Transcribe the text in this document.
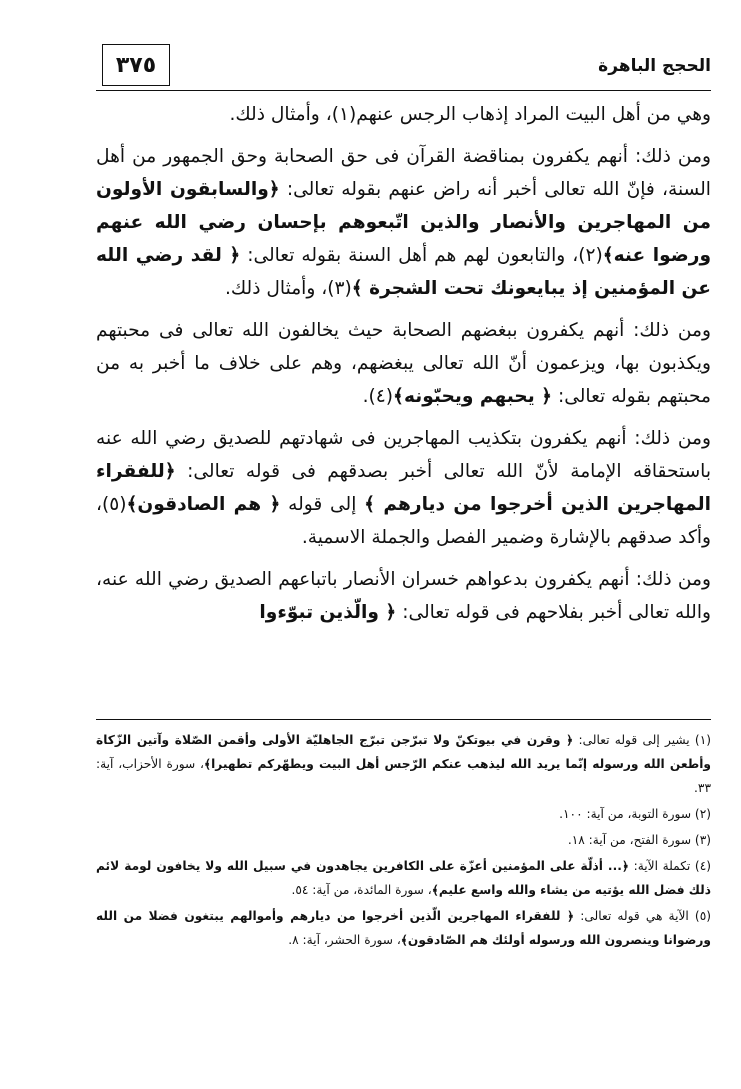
٣٧٥	الحجج الباهرة

وهي من أهل البيت المراد إذهاب الرجس عنهم(١)، وأمثال ذلك.

ومن ذلك: أنهم يكفرون بمناقضة القرآن فى حق الصحابة وحق الجمهور من أهل السنة، فإنّ الله تعالى أخبر أنه راض عنهم بقوله تعالى: ﴿والسابقون الأولون من المهاجرين والأنصار والذين اتّبعوهم بإحسان رضي الله عنهم ورضوا عنه﴾(٢)، والتابعون لهم هم أهل السنة بقوله تعالى: ﴿ لقد رضي الله عن المؤمنين إذ يبايعونك تحت الشجرة ﴾(٣)، وأمثال ذلك.

ومن ذلك: أنهم يكفرون ببغضهم الصحابة حيث يخالفون الله تعالى فى محبتهم ويكذبون بها، ويزعمون أنّ الله تعالى يبغضهم، وهم على خلاف ما أخبر به من محبتهم بقوله تعالى: ﴿ يحبهم ويحبّونه﴾(٤).

ومن ذلك: أنهم يكفرون بتكذيب المهاجرين فى شهادتهم للصديق رضي الله عنه باستحقاقه الإمامة لأنّ الله تعالى أخبر بصدقهم فى قوله تعالى: ﴿للفقراء المهاجرين الذين أخرجوا من ديارهم ﴾ إلى قوله ﴿ هم الصادقون﴾(٥)، وأكد صدقهم بالإشارة وضمير الفصل والجملة الاسمية.

ومن ذلك: أنهم يكفرون بدعواهم خسران الأنصار باتباعهم الصديق رضي الله عنه، والله تعالى أخبر بفلاحهم فى قوله تعالى: ﴿ والّذين تبوّءوا

(١) يشير إلى قوله تعالى: ﴿ وقرن في بيوتكنّ ولا تبرّجن تبرّج الجاهليّة الأولى وأقمن الصّلاة وآتين الزّكاة وأطعن الله ورسوله إنّما يريد الله ليذهب عنكم الرّجس أهل البيت ويطهّركم تطهيرا﴾، سورة الأحزاب، آية: ٣٣.

(٢) سورة التوبة، من آية: ١٠٠.

(٣) سورة الفتح، من آية: ١٨.

(٤) تكملة الآية: ﴿... أذلّة على المؤمنين أعزّة على الكافرين يجاهدون في سبيل الله ولا يخافون لومة لائم ذلك فضل الله يؤتيه من يشاء والله واسع عليم﴾، سورة المائدة، من آية: ٥٤.

(٥) الآية هي قوله تعالى: ﴿ للفقراء المهاجرين الّذين أخرجوا من ديارهم وأموالهم يبتغون فضلا من الله ورضوانا وينصرون الله ورسوله أولئك هم الصّادقون﴾، سورة الحشر، آية: ٨.
